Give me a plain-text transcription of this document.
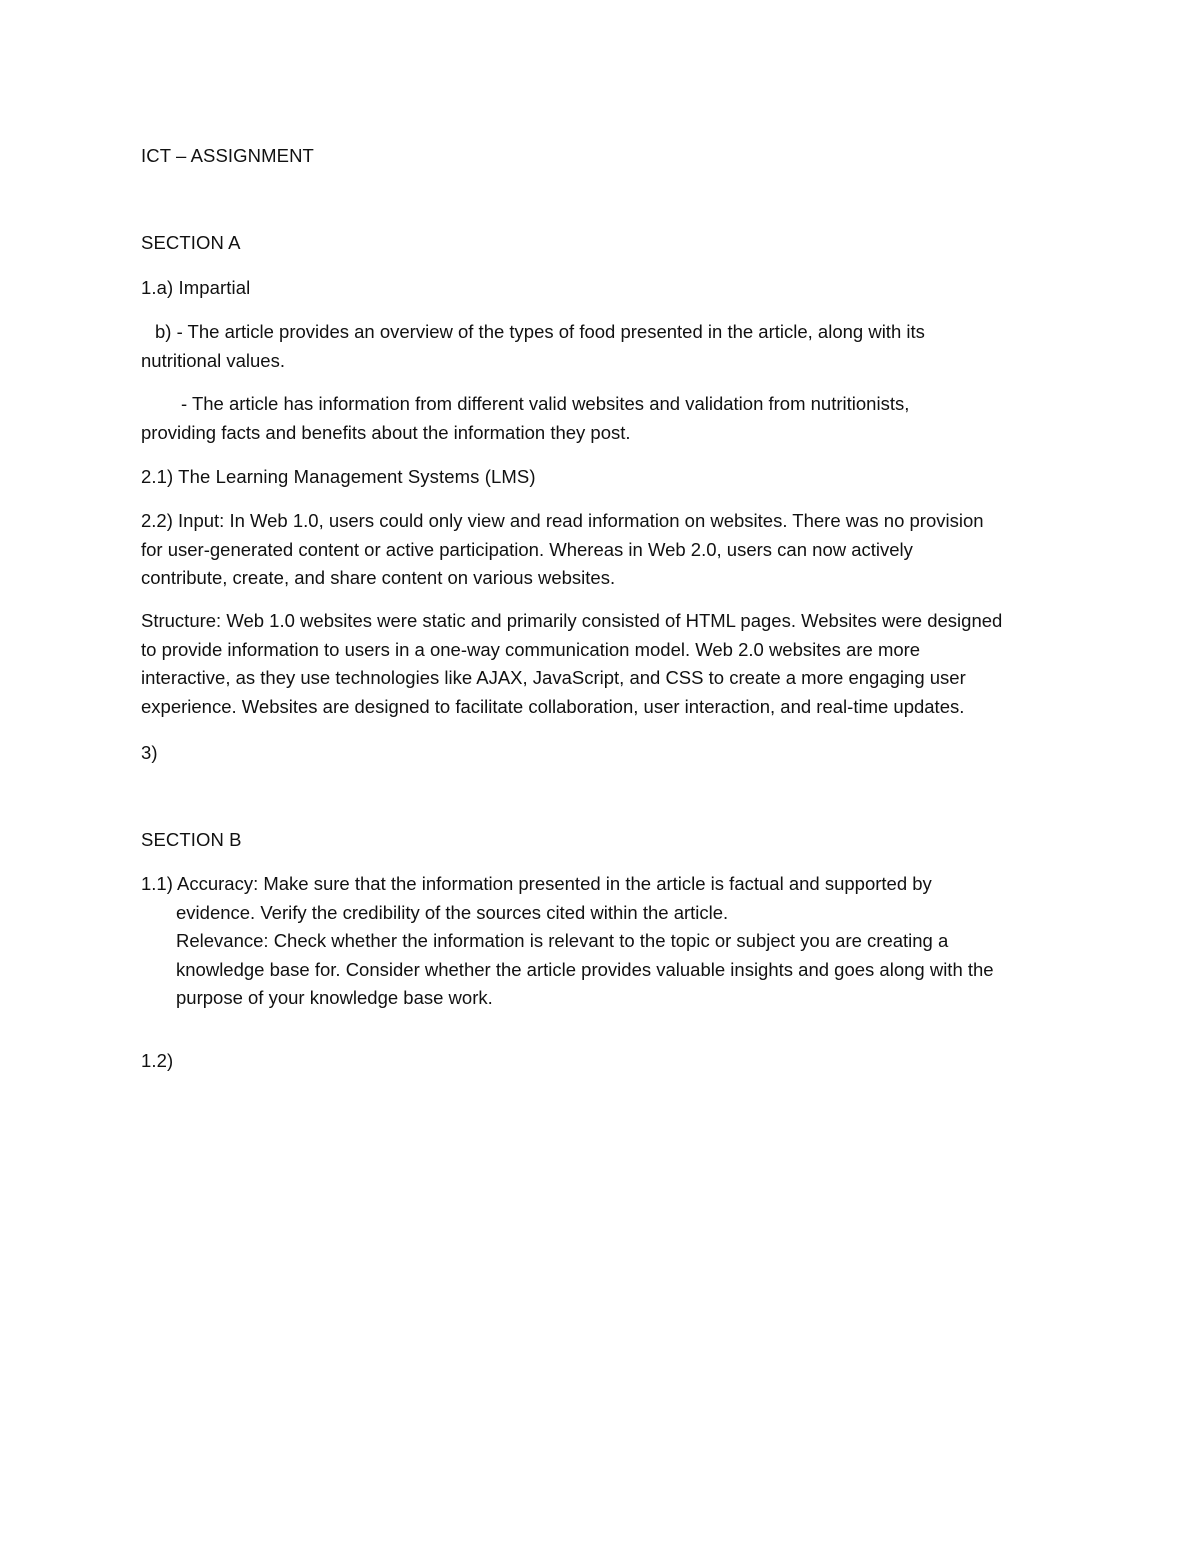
ICT – ASSIGNMENT
SECTION A
1.a) Impartial
b) - The article provides an overview of the types of food presented in the article, along with its
nutritional values.
- The article has information from different valid websites and validation from nutritionists,
providing facts and benefits about the information they post.
2.1) The Learning Management Systems (LMS)
2.2) Input: In Web 1.0, users could only view and read information on websites. There was no provision
for user-generated content or active participation. Whereas in Web 2.0, users can now actively
contribute, create, and share content on various websites.
Structure: Web 1.0 websites were static and primarily consisted of HTML pages. Websites were designed
to provide information to users in a one-way communication model. Web 2.0 websites are more
interactive, as they use technologies like AJAX, JavaScript, and CSS to create a more engaging user
experience. Websites are designed to facilitate collaboration, user interaction, and real-time updates.
3)
SECTION B
1.1) Accuracy: Make sure that the information presented in the article is factual and supported by
evidence. Verify the credibility of the sources cited within the article.
Relevance: Check whether the information is relevant to the topic or subject you are creating a
knowledge base for. Consider whether the article provides valuable insights and goes along with the
purpose of your knowledge base work.
1.2)
